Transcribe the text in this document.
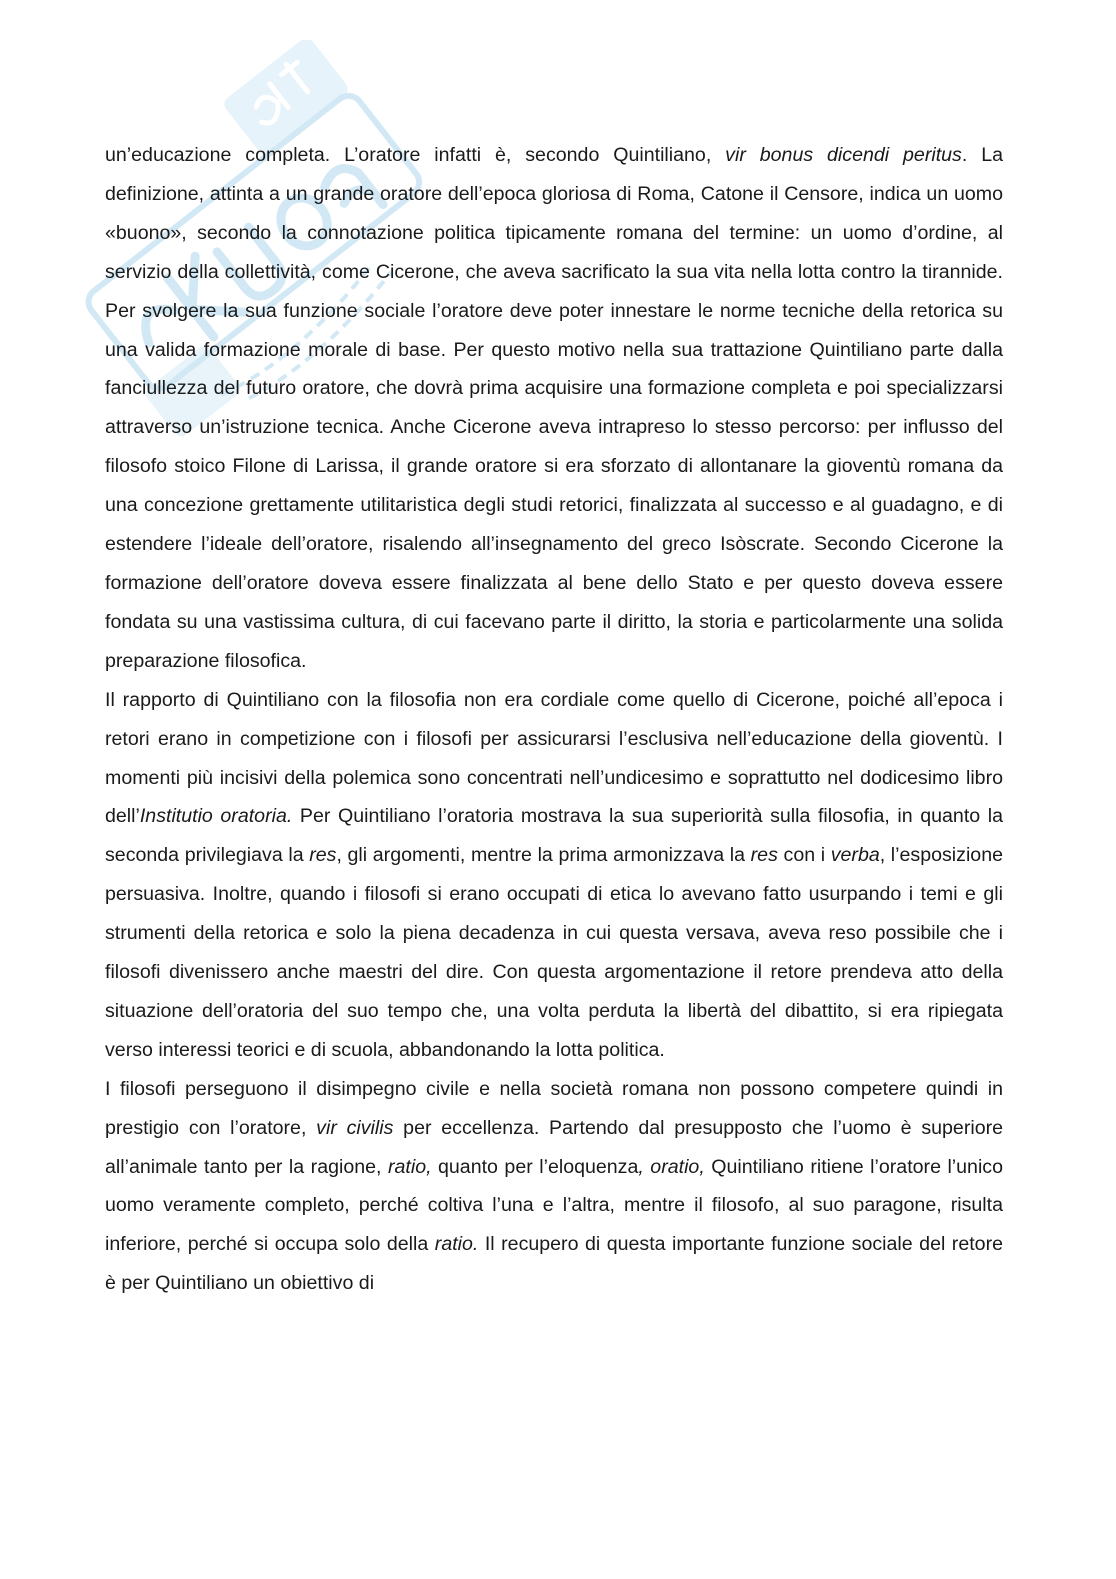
un’educazione completa. L’oratore infatti è, secondo Quintiliano, vir bonus dicendi peritus. La definizione, attinta a un grande oratore dell’epoca gloriosa di Roma, Catone il Censore, indica un uomo «buono», secondo la connotazione politica tipicamente romana del termine: un uomo d’ordine, al servizio della collettività, come Cicerone, che aveva sacrificato la sua vita nella lotta contro la tirannide. Per svolgere la sua funzione sociale l’oratore deve poter innestare le norme tecniche della retorica su una valida formazione morale di base. Per questo motivo nella sua trattazione Quintiliano parte dalla fanciullezza del futuro oratore, che dovrà prima acquisire una formazione completa e poi specializzarsi attraverso un’istruzione tecnica. Anche Cicerone aveva intrapreso lo stesso percorso: per influsso del filosofo stoico Filone di Larissa, il grande oratore si era sforzato di allontanare la gioventù romana da una concezione grettamente utilitaristica degli studi retorici, finalizzata al successo e al guadagno, e di estendere l’ideale dell’oratore, risalendo all’insegnamento del greco Isòscrate. Secondo Cicerone la formazione dell’oratore doveva essere finalizzata al bene dello Stato e per questo doveva essere fondata su una vastissima cultura, di cui facevano parte il diritto, la storia e particolarmente una solida preparazione filosofica.

Il rapporto di Quintiliano con la filosofia non era cordiale come quello di Cicerone, poiché all’epoca i retori erano in competizione con i filosofi per assicurarsi l’esclusiva nell’educazione della gioventù. I momenti più incisivi della polemica sono concentrati nell’undicesimo e soprattutto nel dodicesimo libro dell’Institutio oratoria. Per Quintiliano l’oratoria mostrava la sua superiorità sulla filosofia, in quanto la seconda privilegiava la res, gli argomenti, mentre la prima armonizzava la res con i verba, l’esposizione persuasiva. Inoltre, quando i filosofi si erano occupati di etica lo avevano fatto usurpando i temi e gli strumenti della retorica e solo la piena decadenza in cui questa versava, aveva reso possibile che i filosofi divenissero anche maestri del dire. Con questa argomentazione il retore prendeva atto della situazione dell’oratoria del suo tempo che, una volta perduta la libertà del dibattito, si era ripiegata verso interessi teorici e di scuola, abbandonando la lotta politica.

I filosofi perseguono il disimpegno civile e nella società romana non possono competere quindi in prestigio con l’oratore, vir civilis per eccellenza. Partendo dal presupposto che l’uomo è superiore all’animale tanto per la ragione, ratio, quanto per l’eloquenza, oratio, Quintiliano ritiene l’oratore l’unico uomo veramente completo, perché coltiva l’una e l’altra, mentre il filosofo, al suo paragone, risulta inferiore, perché si occupa solo della ratio. Il recupero di questa importante funzione sociale del retore è per Quintiliano un obiettivo di
